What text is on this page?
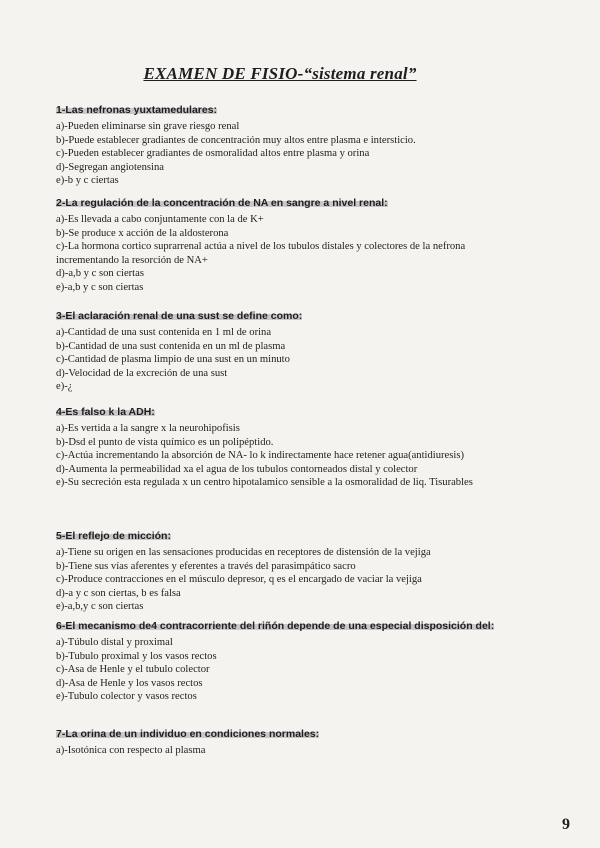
EXAMEN DE FISIO-“sistema renal”
1-Las nefronas yuxtamedulares:
a)-Pueden eliminarse sin grave riesgo renal
b)-Puede establecer gradiantes de concentración muy altos entre plasma e intersticio.
c)-Pueden establecer gradiantes de osmoralidad altos entre plasma y orina
d)-Segregan angiotensina
e)-b y c ciertas
2-La regulación de la concentración de NA en sangre a nivel renal:
a)-Es llevada a cabo conjuntamente con la de K+
b)-Se produce x acción de la aldosterona
c)-La hormona cortico suprarrenal actúa a nivel de los tubulos distales y colectores de la nefrona incrementando la resorción de NA+
d)-a,b y c son ciertas
e)-a,b y c son ciertas
3-El aclaración renal de una sust se define como:
a)-Cantidad de una sust contenida en 1 ml de orina
b)-Cantidad de una sust contenida en un ml de plasma
c)-Cantidad de plasma limpio de una sust en un minuto
d)-Velocidad de la excreción de una sust
e)-¿
4-Es falso k la ADH:
a)-Es vertida a la sangre x la neurohipofisis
b)-Dsd el punto de vista químico es un polipéptido.
c)-Actúa incrementando la absorción de NA- lo k indirectamente hace retener agua(antidiuresis)
d)-Aumenta la permeabilidad xa el agua de los tubulos contorneados distal y colector
e)-Su secreción esta regulada x un centro hipotalamico sensible a la osmoralidad de liq. Tisurables
5-El reflejo de micción:
a)-Tiene su origen en las sensaciones producidas en receptores de distensión de la vejiga
b)-Tiene sus vías aferentes y eferentes a través del parasimpático sacro
c)-Produce contracciones en el músculo depresor, q es el encargado de vaciar la vejiga
d)-a y c son ciertas, b es falsa
e)-a,b,y c son ciertas
6-El mecanismo de4 contracorriente del riñón depende de una especial disposición del:
a)-Túbulo distal y proximal
b)-Tubulo proximal y los vasos rectos
c)-Asa de Henle y el tubulo colector
d)-Asa de Henle y los vasos rectos
e)-Tubulo colector y vasos rectos
7-La orina de un individuo en condiciones normales:
a)-Isotónica con respecto al plasma
9
